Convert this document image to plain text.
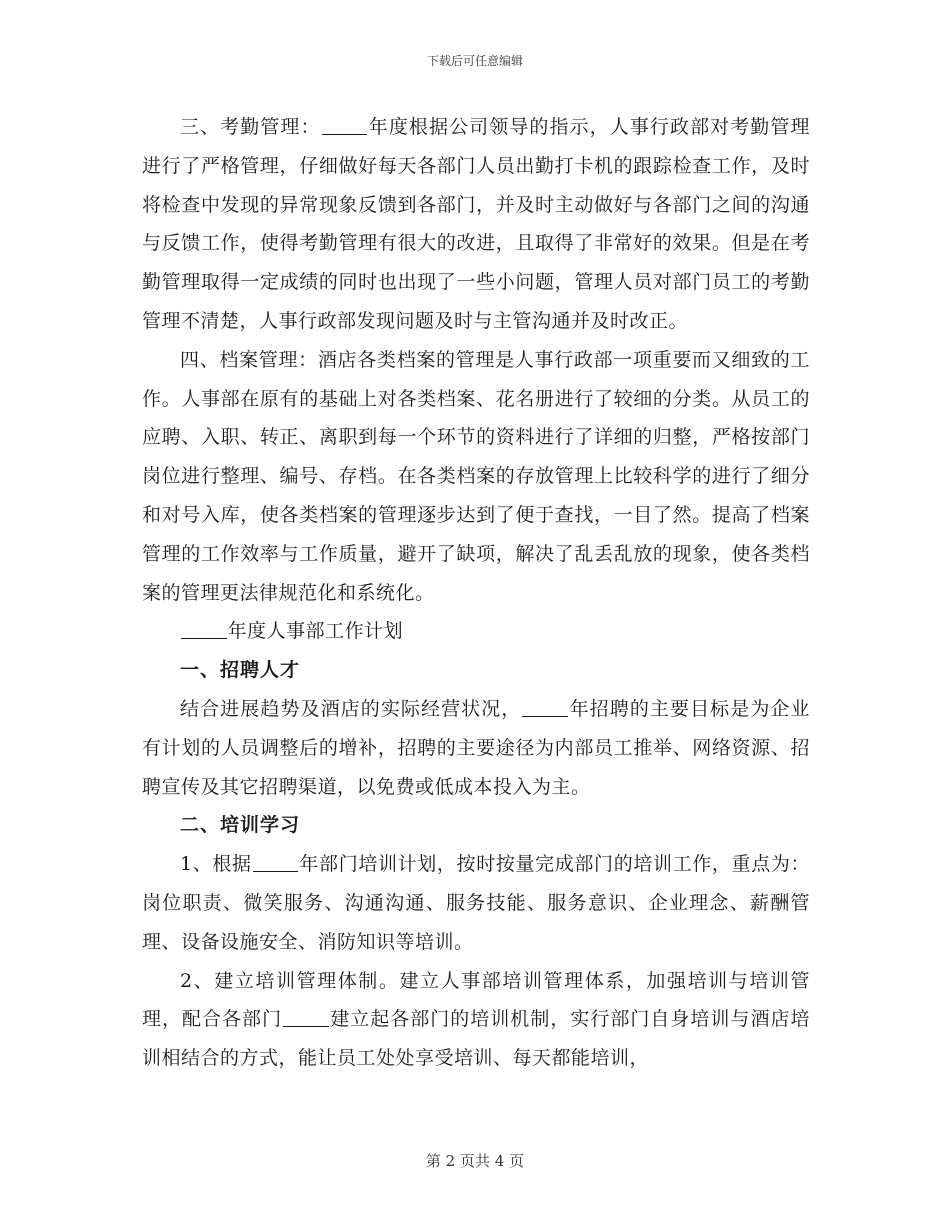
下载后可任意编辑

三、考勤管理：	年度根据公司领导的指示，人事行政部对考勤管理进行了严格管理，仔细做好每天各部门人员出勤打卡机的跟踪检查工作，及时将检查中发现的异常现象反馈到各部门，并及时主动做好与各部门之间的沟通与反馈工作，使得考勤管理有很大的改进，且取得了非常好的效果。但是在考勤管理取得一定成绩的同时也出现了一些小问题，管理人员对部门员工的考勤管理不清楚，人事行政部发现问题及时与主管沟通并及时改正。

四、档案管理：酒店各类档案的管理是人事行政部一项重要而又细致的工作。人事部在原有的基础上对各类档案、花名册进行了较细的分类。从员工的应聘、入职、转正、离职到每一个环节的资料进行了详细的归整，严格按部门岗位进行整理、编号、存档。在各类档案的存放管理上比较科学的进行了细分和对号入库，使各类档案的管理逐步达到了便于查找，一目了然。提高了档案管理的工作效率与工作质量，避开了缺项，解决了乱丢乱放的现象，使各类档案的管理更法律规范化和系统化。

年度人事部工作计划

一、招聘人才

结合进展趋势及酒店的实际经营状况，	年招聘的主要目标是为企业有计划的人员调整后的增补，招聘的主要途径为内部员工推举、网络资源、招聘宣传及其它招聘渠道，以免费或低成本投入为主。

二、培训学习

1、根据	年部门培训计划，按时按量完成部门的培训工作，重点为：岗位职责、微笑服务、沟通沟通、服务技能、服务意识、企业理念、薪酬管理、设备设施安全、消防知识等培训。

2、建立培训管理体制。建立人事部培训管理体系，加强培训与培训管理，配合各部门	建立起各部门的培训机制，实行部门自身培训与酒店培训相结合的方式，能让员工处处享受培训、每天都能培训，

第 2 页共 4 页
